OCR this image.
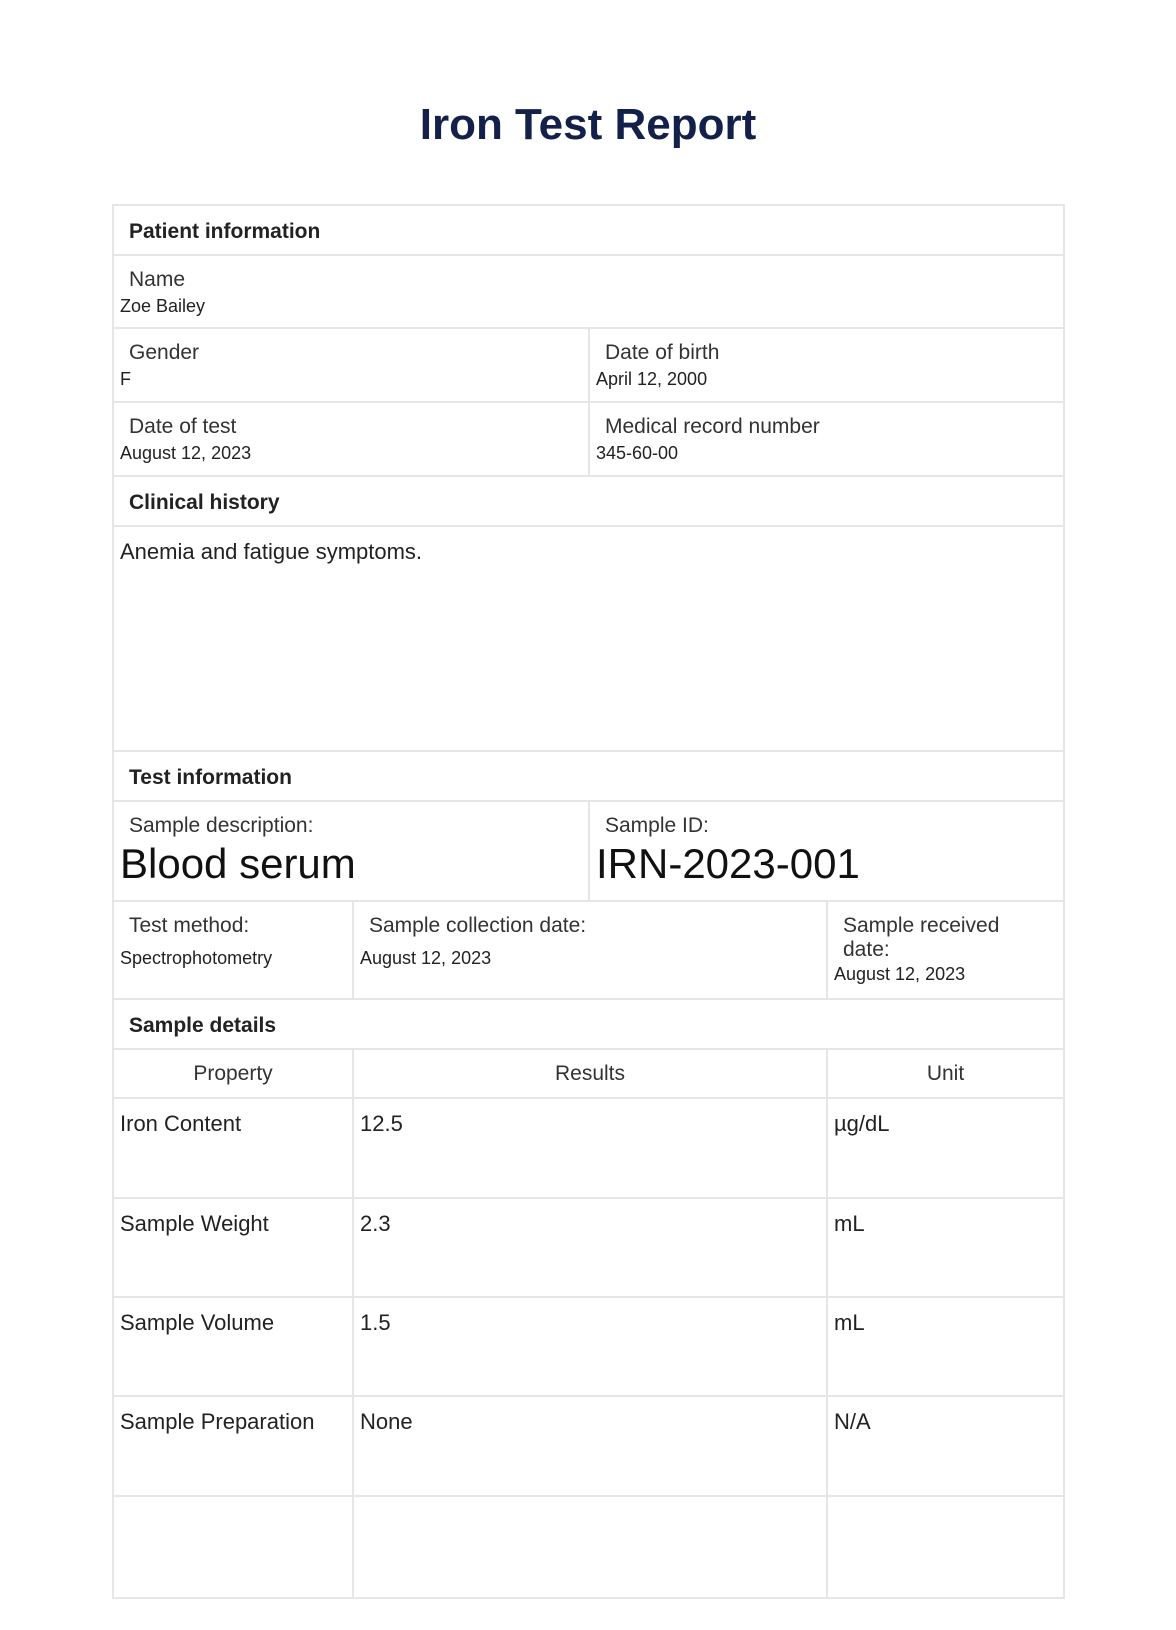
Iron Test Report
Patient information
Name
Zoe Bailey
Gender
F
Date of birth
April 12, 2000
Date of test
August 12, 2023
Medical record number
345-60-00
Clinical history
Anemia and fatigue symptoms.
Test information
Sample description:
Blood serum
Sample ID:
IRN-2023-001
Test method:
Spectrophotometry
Sample collection date:
August 12, 2023
Sample received
date:
August 12, 2023
Sample details
Property	Results	Unit
Iron Content	12.5	µg/dL
Sample Weight	2.3	mL
Sample Volume	1.5	mL
Sample Preparation	None	N/A
